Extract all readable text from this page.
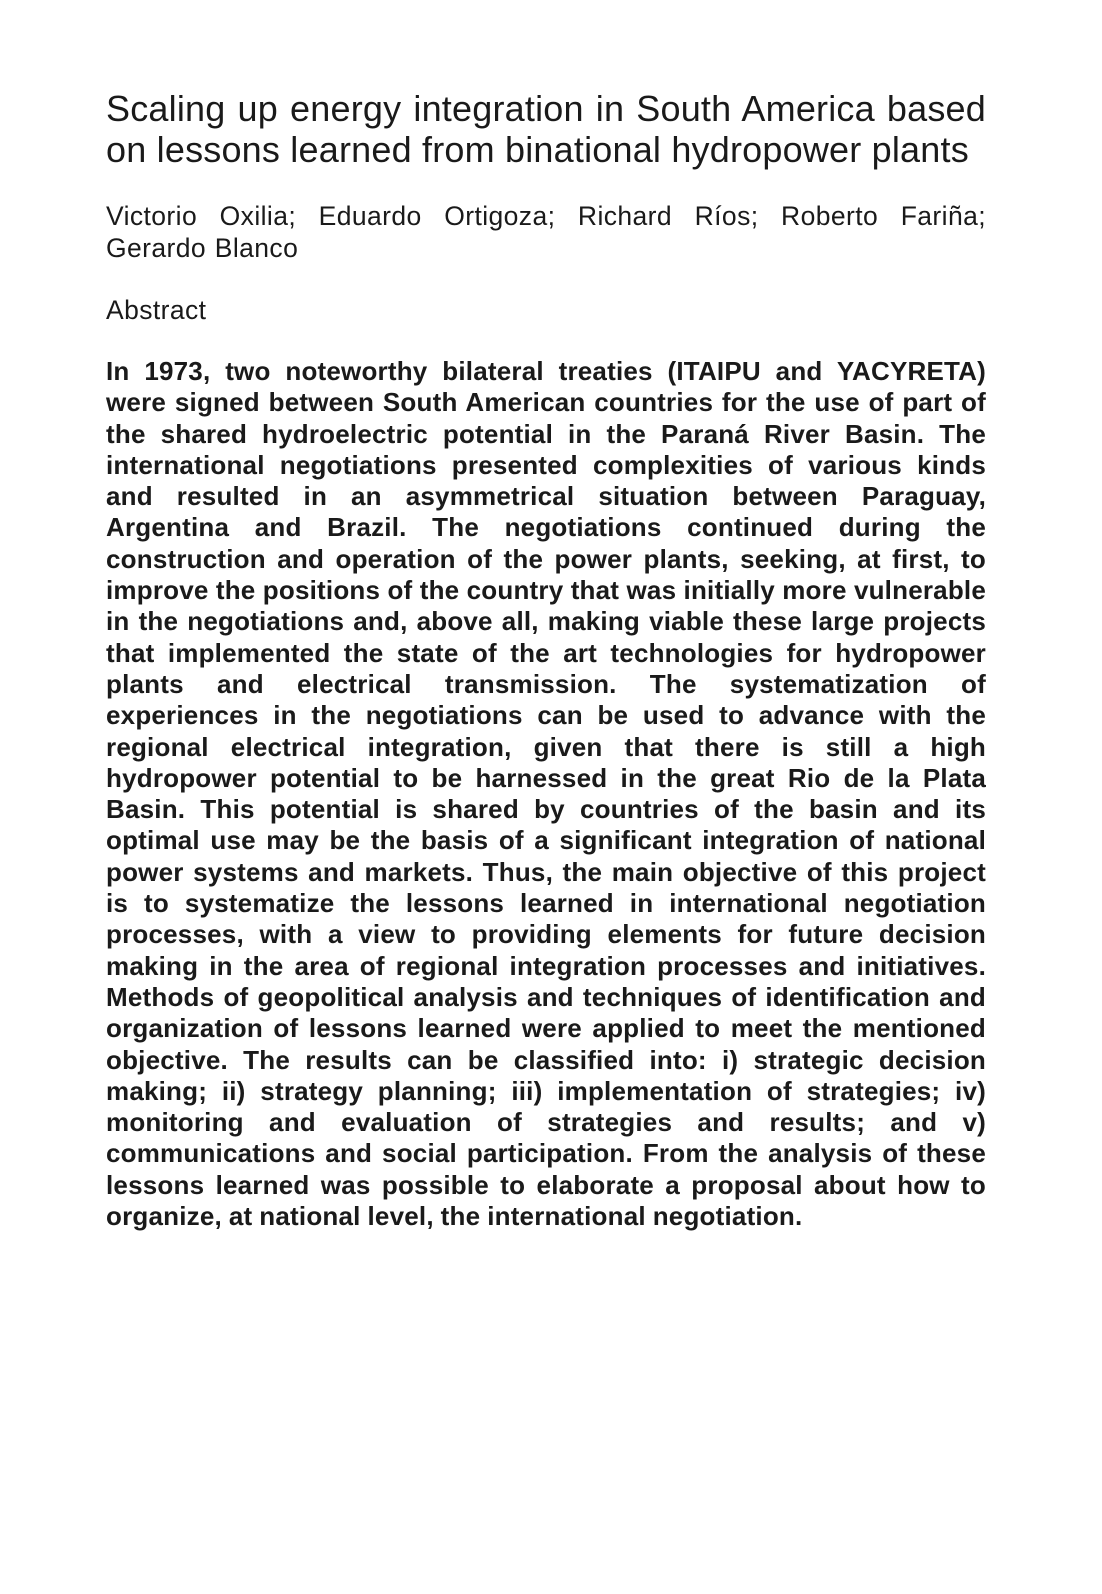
Scaling up energy integration in South America based on lessons learned from binational hydropower plants
Victorio Oxilia; Eduardo Ortigoza; Richard Ríos; Roberto Fariña; Gerardo Blanco
Abstract
In 1973, two noteworthy bilateral treaties (ITAIPU and YACYRETA) were signed between South American countries for the use of part of the shared hydroelectric potential in the Paraná River Basin. The international negotiations presented complexities of various kinds and resulted in an asymmetrical situation between Paraguay, Argentina and Brazil. The negotiations continued during the construction and operation of the power plants, seeking, at first, to improve the positions of the country that was initially more vulnerable in the negotiations and, above all, making viable these large projects that implemented the state of the art technologies for hydropower plants and electrical transmission. The systematization of experiences in the negotiations can be used to advance with the regional electrical integration, given that there is still a high hydropower potential to be harnessed in the great Rio de la Plata Basin. This potential is shared by countries of the basin and its optimal use may be the basis of a significant integration of national power systems and markets. Thus, the main objective of this project is to systematize the lessons learned in international negotiation processes, with a view to providing elements for future decision making in the area of regional integration processes and initiatives. Methods of geopolitical analysis and techniques of identification and organization of lessons learned were applied to meet the mentioned objective. The results can be classified into: i) strategic decision making; ii) strategy planning; iii) implementation of strategies; iv) monitoring and evaluation of strategies and results; and v) communications and social participation. From the analysis of these lessons learned was possible to elaborate a proposal about how to organize, at national level, the international negotiation.
